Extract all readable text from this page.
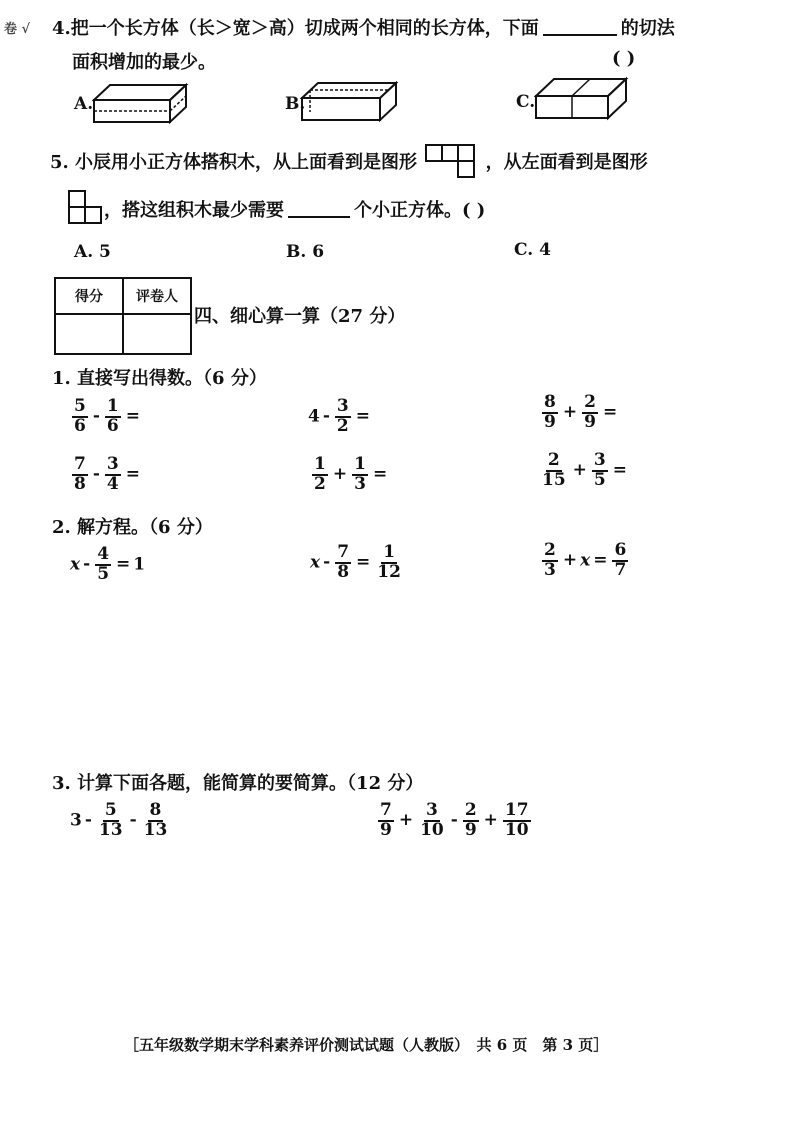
卷 √ 4.把一个长方体（长＞宽＞高）切成两个相同的长方体，下面	的切法
面积增加的最少。	( )
A.	B.	C.
5. 小辰用小正方体搭积木，从上面看到是图形	，从左面看到是图形
，搭这组积木最少需要	个小正方体。( )
A. 5	B. 6	C. 4
得分	评卷人

四、细心算一算（27 分）
1. 直接写出得数。（6 分）
$\frac{5}{6} - \frac{1}{6}$ =	$4 - \frac{3}{2}$ =	$\frac{8}{9} + \frac{2}{9}$ =
$\frac{7}{8} - \frac{3}{4}$ =	$\frac{1}{2} + \frac{1}{3}$ =	$\frac{2}{15} + \frac{3}{5}$ =
2. 解方程。（6 分）
$x - \frac{4}{5} = 1$	$x - \frac{7}{8} = \frac{1}{12}$	$\frac{2}{3} + x = \frac{6}{7}$
3. 计算下面各题，能简算的要简算。（12 分）
$3 - \frac{5}{13} - \frac{8}{13}$	$\frac{7}{9} + \frac{3}{10} - \frac{2}{9} + \frac{17}{10}$
［五年级数学期末学科素养评价测试试题（人教版）　共 6 页　第 3 页］
